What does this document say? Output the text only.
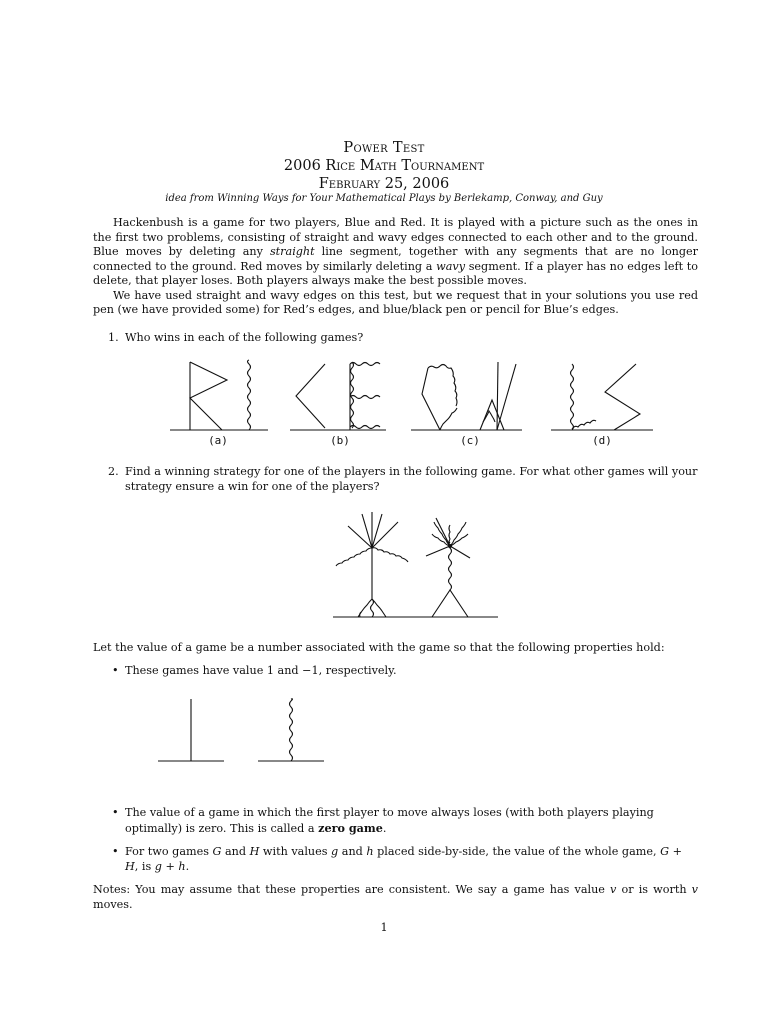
Power Test
2006 Rice Math Tournament
February 25, 2006
idea from Winning Ways for Your Mathematical Plays by Berlekamp, Conway, and Guy

Hackenbush is a game for two players, Blue and Red. It is played with a picture such as the ones in the first two problems, consisting of straight and wavy edges connected to each other and to the ground. Blue moves by deleting any straight line segment, together with any segments that are no longer connected to the ground. Red moves by similarly deleting a wavy segment. If a player has no edges left to delete, that player loses. Both players always make the best possible moves.

We have used straight and wavy edges on this test, but we request that in your solutions you use red pen (we have provided some) for Red’s edges, and blue/black pen or pencil for Blue’s edges.

1. Who wins in each of the following games?
(a)	(b)	(c)	(d)
2. Find a winning strategy for one of the players in the following game. For what other games will your strategy ensure a win for one of the players?
Let the value of a game be a number associated with the game so that the following properties hold:
• These games have value 1 and −1, respectively.
• The value of a game in which the first player to move always loses (with both players playing optimally) is zero. This is called a zero game.
• For two games G and H with values g and h placed side-by-side, the value of the whole game, G + H, is g + h.
Notes: You may assume that these properties are consistent. We say a game has value v or is worth v moves.
1
